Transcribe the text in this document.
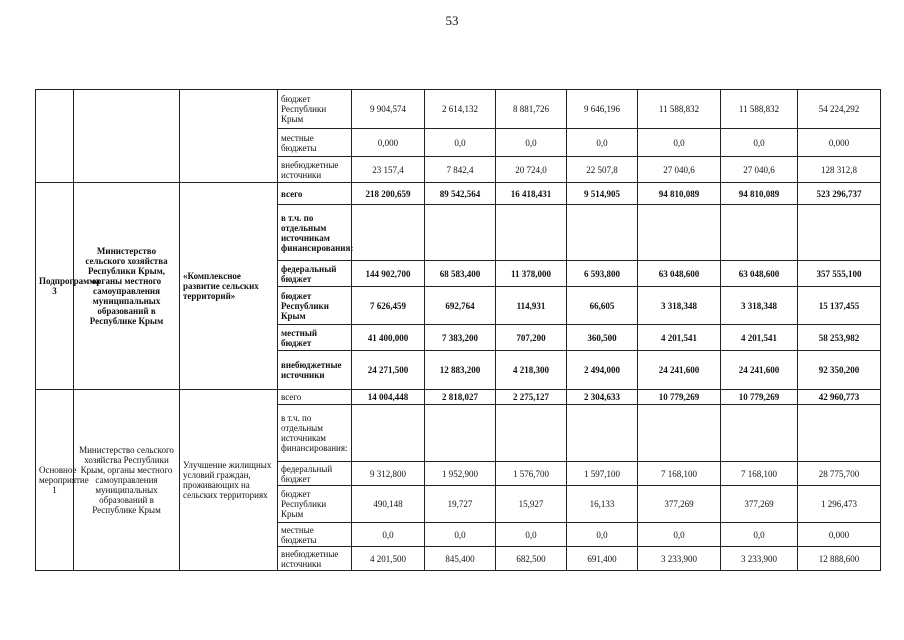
53
			бюджет Республики Крым	9 904,574	2 614,132	8 881,726	9 646,196	11 588,832	11 588,832	54 224,292
			местные бюджеты	0,000	0,0	0,0	0,0	0,0	0,0	0,000
			внебюджетные источники	23 157,4	7 842,4	20 724,0	22 507,8	27 040,6	27 040,6	128 312,8
Подпрограмма 3	Министерство сельского хозяйства Республики Крым, органы местного самоуправления муниципальных образований в Республике Крым	«Комплексное развитие сельских территорий»	всего	218 200,659	89 542,564	16 418,431	9 514,905	94 810,089	94 810,089	523 296,737
			в т.ч. по отдельным источникам финансирования:							
			федеральный бюджет	144 902,700	68 583,400	11 378,000	6 593,800	63 048,600	63 048,600	357 555,100
			бюджет Республики Крым	7 626,459	692,764	114,931	66,605	3 318,348	3 318,348	15 137,455
			местный бюджет	41 400,000	7 383,200	707,200	360,500	4 201,541	4 201,541	58 253,982
			внебюджетные источники	24 271,500	12 883,200	4 218,300	2 494,000	24 241,600	24 241,600	92 350,200
Основное мероприятие 1	Министерство сельского хозяйства Республики Крым, органы местного самоуправления муниципальных образований в Республике Крым	Улучшение жилищных условий граждан, проживающих на сельских территориях	всего	14 004,448	2 818,027	2 275,127	2 304,633	10 779,269	10 779,269	42 960,773
			в т.ч. по отдельным источникам финансирования:							
			федеральный бюджет	9 312,800	1 952,900	1 576,700	1 597,100	7 168,100	7 168,100	28 775,700
			бюджет Республики Крым	490,148	19,727	15,927	16,133	377,269	377,269	1 296,473
			местные бюджеты	0,0	0,0	0,0	0,0	0,0	0,0	0,000
			внебюджетные источники	4 201,500	845,400	682,500	691,400	3 233,900	3 233,900	12 888,600
